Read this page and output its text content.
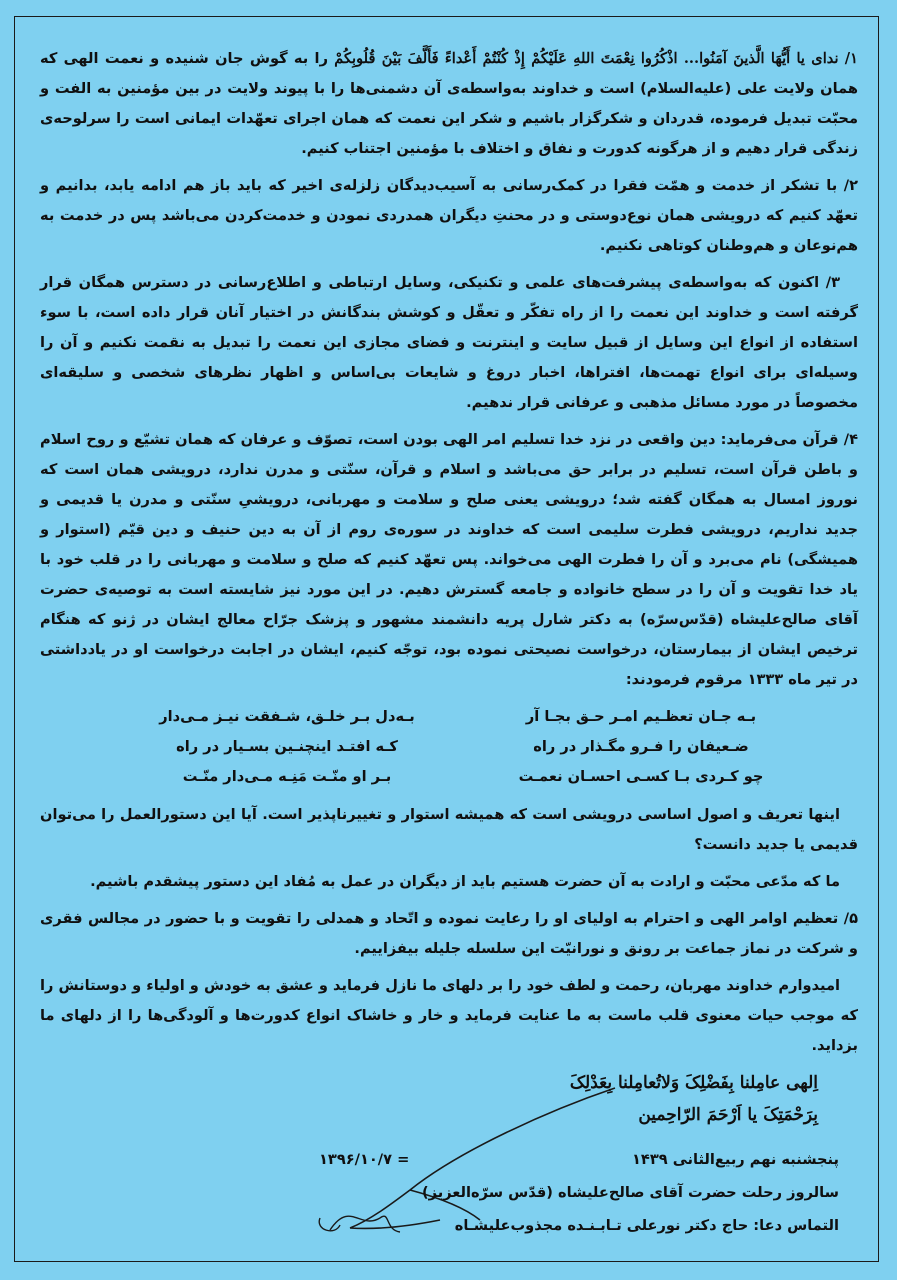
۱/ ندای یا أَیُّهَا الَّذینَ آمَنُوا... اذْکُرُوا نِعْمَتَ اللهِ عَلَیْکُمْ إِذْ کُنْتُمْ أَعْداءً فَأَلَّفَ بَیْنَ قُلُوبِکُمْ را به گوش جان شنیده و نعمت الهی که همان ولایت علی (علیه‌السلام) است و خداوند به‌واسطه‌ی آن دشمنی‌ها را با پیوند ولایت در بین مؤمنین به الفت و محبّت تبدیل فرموده، قدردان و شکرگزار باشیم و شکر این نعمت که همان اجرای تعهّدات ایمانی است را سرلوحه‌ی زندگی قرار دهیم و از هرگونه کدورت و نفاق و اختلاف با مؤمنین اجتناب کنیم.

۲/ با تشکر از خدمت و همّت فقرا در کمک‌رسانی به آسیب‌دیدگان زلزله‌ی اخیر که باید باز هم ادامه یابد، بدانیم و تعهّد کنیم که درویشی همان نوع‌دوستی و در محنتِ دیگران همدردی نمودن و خدمت‌کردن می‌باشد پس در خدمت به هم‌نوعان و هم‌وطنان کوتاهی نکنیم.

۳/ اکنون که به‌واسطه‌ی پیشرفت‌های علمی و تکنیکی، وسایل ارتباطی و اطلاع‌رسانی در دسترس همگان قرار گرفته است و خداوند این نعمت را از راه تفکّر و تعقّل و کوشش بندگانش در اختیار آنان قرار داده است، با سوء استفاده از انواع این وسایل از قبیل سایت و اینترنت و فضای مجازی این نعمت را تبدیل به نقمت نکنیم و آن را وسیله‌ای برای انواع تهمت‌ها، افتراها، اخبار دروغ و شایعات بی‌اساس و اظهار نظرهای شخصی و سلیقه‌ای مخصوصاً در مورد مسائل مذهبی و عرفانی قرار ندهیم.

۴/ قرآن می‌فرماید: دین واقعی در نزد خدا تسلیم امر الهی بودن است، تصوّف و عرفان که همان تشیّع و روح اسلام و باطن قرآن است، تسلیم در برابر حق می‌باشد و اسلام و قرآن، سنّتی و مدرن ندارد، درویشی همان است که نوروز امسال به همگان گفته شد؛ درویشی یعنی صلح و سلامت و مهربانی، درویشیِ سنّتی و مدرن یا قدیمی و جدید نداریم، درویشی فطرت سلیمی است که خداوند در سوره‌ی روم از آن به دین حنیف و دین قیّم (استوار و همیشگی) نام می‌برد و آن را فطرت الهی می‌خواند. پس تعهّد کنیم که صلح و سلامت و مهربانی را در قلب خود با یاد خدا تقویت و آن را در سطح خانواده و جامعه گسترش دهیم. در این مورد نیز شایسته است به توصیه‌ی حضرت آقای صالح‌علیشاه (قدّس‌سرّه) به دکتر شارل پریه دانشمند مشهور و پزشک جرّاح معالج ایشان در ژنو که هنگام ترخیص ایشان از بیمارستان، درخواست نصیحتی نموده بود، توجّه کنیم، ایشان در اجابت درخواست او در یادداشتی در تیر ماه ۱۳۳۳ مرقوم فرمودند:

بـه جـان تعظـیم امـر حـق بجـا آر
بـه‌دل بـر خلـق، شـفقت نیـز مـی‌دار
ضـعیفان را فـرو مگـذار در راه
کـه افتـد اینچنـین بسـیار در راه
چو کـردی بـا کسـی احسـان نعمـت
بـر او منّـت مَنِـه مـی‌دار منّـت

اینها تعریف و اصول اساسی درویشی است که همیشه استوار و تغییرناپذیر است. آیا این دستورالعمل را می‌توان قدیمی یا جدید دانست؟

ما که مدّعی محبّت و ارادت به آن حضرت هستیم باید از دیگران در عمل به مُفاد این دستور پیشقدم باشیم.

۵/ تعظیم اوامر الهی و احترام به اولیای او را رعایت نموده و اتّحاد و همدلی را تقویت و با حضور در مجالس فقری و شرکت در نماز جماعت بر رونق و نورانیّت این سلسله جلیله بیفزاییم.

امیدوارم خداوند مهربان، رحمت و لطف خود را بر دلهای ما نازل فرماید و عشق به خودش و اولیاء و دوستانش را که موجب حیات معنوی قلب ماست به ما عنایت فرماید و خار و خاشاک انواع کدورت‌ها و آلودگی‌ها را از دلهای ما بزداید.

اِلهی عامِلنا بِفَضْلِکَ وَلاتُعامِلنا بِعَدْلِکَ
بِرَحْمَتِکَ یا اَرْحَمَ الرّاحِمین
پنجشنبه نهم ربیع‌الثانی ۱۴۳۹
= ۱۳۹۶/۱۰/۷
سالروز رحلت حضرت آقای صالح‌علیشاه (قدّس سرّه‌العزیز)
التماس دعا: حاج دکتر نورعلی تـابـنـده مجذوب‌علیشـاه
